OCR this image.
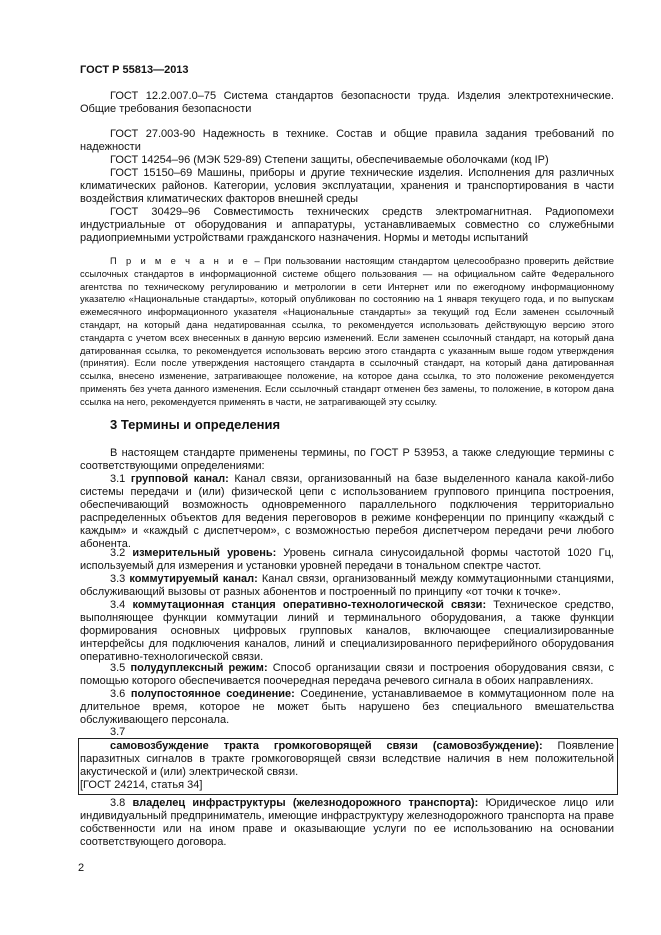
ГОСТ Р 55813—2013
ГОСТ 12.2.007.0–75 Система стандартов безопасности труда. Изделия электротехнические. Общие требования безопасности
ГОСТ 27.003-90 Надежность в технике. Состав и общие правила задания требований по надежности
ГОСТ 14254–96 (МЭК 529-89) Степени защиты, обеспечиваемые оболочками (код IP)
ГОСТ 15150–69 Машины, приборы и другие технические изделия. Исполнения для различных климатических районов. Категории, условия эксплуатации, хранения и транспортирования в части воздействия климатических факторов внешней среды
ГОСТ 30429–96 Совместимость технических средств электромагнитная. Радиопомехи индустриальные от оборудования и аппаратуры, устанавливаемых совместно со служебными радиоприемными устройствами гражданского назначения. Нормы и методы испытаний
П р и м е ч а н и е – При пользовании настоящим стандартом целесообразно проверить действие ссылочных стандартов в информационной системе общего пользования — на официальном сайте Федерального агентства по техническому регулированию и метрологии в сети Интернет или по ежегодному информационному указателю «Национальные стандарты», который опубликован по состоянию на 1 января текущего года, и по выпускам ежемесячного информационного указателя «Национальные стандарты» за текущий год Если заменен ссылочный стандарт, на который дана недатированная ссылка, то рекомендуется использовать действующую версию этого стандарта с учетом всех внесенных в данную версию изменений. Если заменен ссылочный стандарт, на который дана датированная ссылка, то рекомендуется использовать версию этого стандарта с указанным выше годом утверждения (принятия). Если после утверждения настоящего стандарта в ссылочный стандарт, на который дана датированная ссылка, внесено изменение, затрагивающее положение, на которое дана ссылка, то это положение рекомендуется применять без учета данного изменения. Если ссылочный стандарт отменен без замены, то положение, в котором дана ссылка на него, рекомендуется применять в части, не затрагивающей эту ссылку.
3 Термины и определения
В настоящем стандарте применены термины, по ГОСТ Р 53953, а также следующие термины с соответствующими определениями:
3.1 групповой канал: Канал связи, организованный на базе выделенного канала какой-либо системы передачи и (или) физической цепи с использованием группового принципа построения, обеспечивающий возможность одновременного параллельного подключения территориально распределенных объектов для ведения переговоров в режиме конференции по принципу «каждый с каждым» и «каждый с диспетчером», с возможностью перебоя диспетчером передачи речи любого абонента.
3.2 измерительный уровень: Уровень сигнала синусоидальной формы частотой 1020 Гц, используемый для измерения и установки уровней передачи в тональном спектре частот.
3.3 коммутируемый канал: Канал связи, организованный между коммутационными станциями, обслуживающий вызовы от разных абонентов и построенный по принципу «от точки к точке».
3.4 коммутационная станция оперативно-технологической связи: Техническое средство, выполняющее функции коммутации линий и терминального оборудования, а также функции формирования основных цифровых групповых каналов, включающее специализированные интерфейсы для подключения каналов, линий и специализированного периферийного оборудования оперативно-технологической связи.
3.5 полудуплексный режим: Способ организации связи и построения оборудования связи, с помощью которого обеспечивается поочередная передача речевого сигнала в обоих направлениях.
3.6 полупостоянное соединение: Соединение, устанавливаемое в коммутационном поле на длительное время, которое не может быть нарушено без специального вмешательства обслуживающего персонала.
3.7
самовозбуждение тракта громкоговорящей связи (самовозбуждение): Появление паразитных сигналов в тракте громкоговорящей связи вследствие наличия в нем положительной акустической и (или) электрической связи.
[ГОСТ 24214, статья 34]
3.8 владелец инфраструктуры (железнодорожного транспорта): Юридическое лицо или индивидуальный предприниматель, имеющие инфраструктуру железнодорожного транспорта на праве собственности или на ином праве и оказывающие услуги по ее использованию на основании соответствующего договора.
2
